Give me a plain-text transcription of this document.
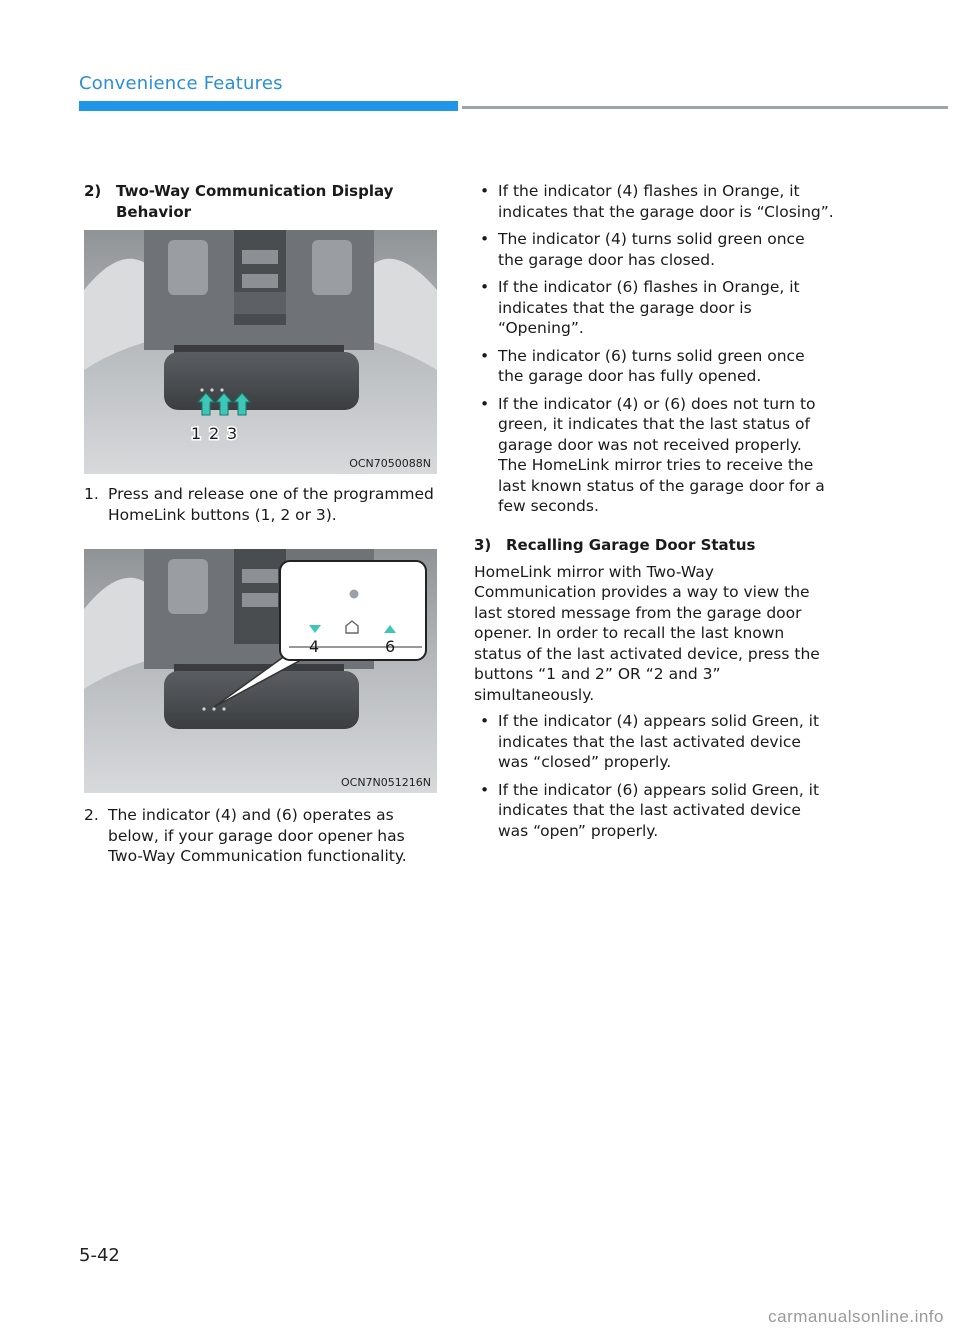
Convenience Features
2) Two-Way Communication Display Behavior
1 2 3
OCN7050088N
1. Press and release one of the programmed HomeLink buttons (1, 2 or 3).
4	6
OCN7N051216N
2. The indicator (4) and (6) operates as below, if your garage door opener has Two-Way Communication functionality.
• If the indicator (4) flashes in Orange, it indicates that the garage door is “Closing”.
• The indicator (4) turns solid green once the garage door has closed.
• If the indicator (6) flashes in Orange, it indicates that the garage door is “Opening”.
• The indicator (6) turns solid green once the garage door has fully opened.
• If the indicator (4) or (6) does not turn to green, it indicates that the last status of garage door was not received properly. The HomeLink mirror tries to receive the last known status of the garage door for a few seconds.
3) Recalling Garage Door Status

HomeLink mirror with Two-Way Communication provides a way to view the last stored message from the garage door opener. In order to recall the last known status of the last activated device, press the buttons “1 and 2” OR “2 and 3” simultaneously.

• If the indicator (4) appears solid Green, it indicates that the last activated device was “closed” properly.
• If the indicator (6) appears solid Green, it indicates that the last activated device was “open” properly.
5-42
carmanualsonline.info
